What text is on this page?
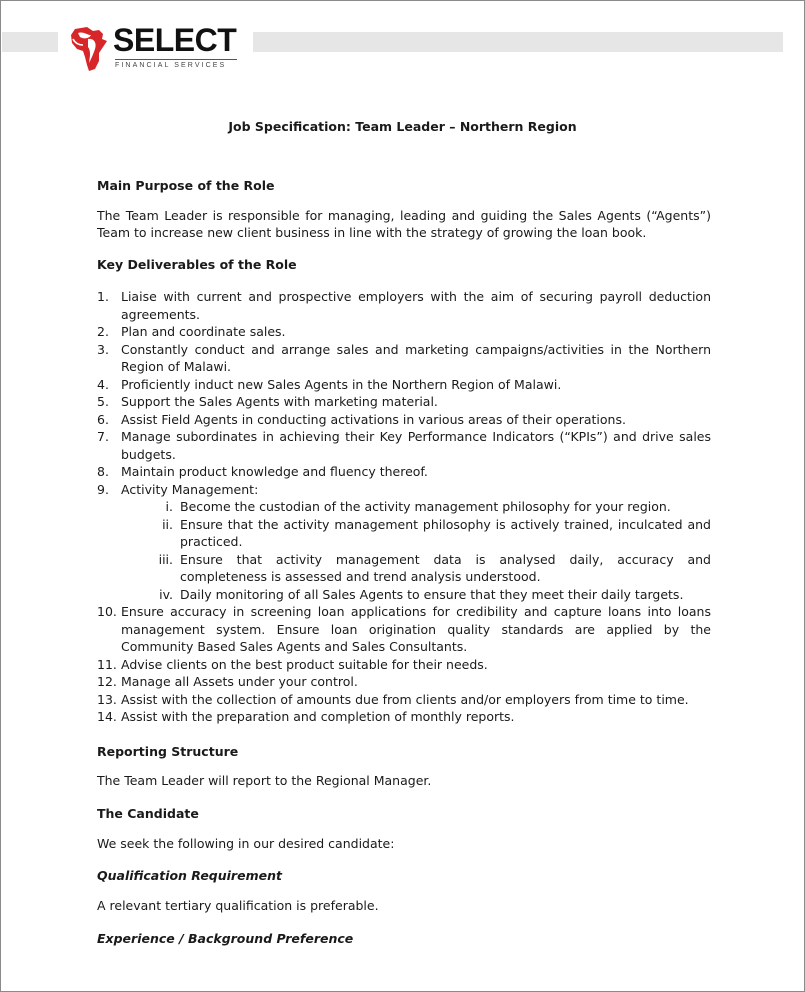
SELECT
FINANCIAL SERVICES
Job Specification: Team Leader – Northern Region

Main Purpose of the Role

The Team Leader is responsible for managing, leading and guiding the Sales Agents (“Agents”) Team to increase new client business in line with the strategy of growing the loan book.

Key Deliverables of the Role

1. Liaise with current and prospective employers with the aim of securing payroll deduction agreements.
2. Plan and coordinate sales.
3. Constantly conduct and arrange sales and marketing campaigns/activities in the Northern Region of Malawi.
4. Proficiently induct new Sales Agents in the Northern Region of Malawi.
5. Support the Sales Agents with marketing material.
6. Assist Field Agents in conducting activations in various areas of their operations.
7. Manage subordinates in achieving their Key Performance Indicators (“KPIs”) and drive sales budgets.
8. Maintain product knowledge and fluency thereof.
9. Activity Management:
i. Become the custodian of the activity management philosophy for your region.
ii. Ensure that the activity management philosophy is actively trained, inculcated and practiced.
iii. Ensure that activity management data is analysed daily, accuracy and completeness is assessed and trend analysis understood.
iv. Daily monitoring of all Sales Agents to ensure that they meet their daily targets.
10. Ensure accuracy in screening loan applications for credibility and capture loans into loans management system. Ensure loan origination quality standards are applied by the Community Based Sales Agents and Sales Consultants.
11. Advise clients on the best product suitable for their needs.
12. Manage all Assets under your control.
13. Assist with the collection of amounts due from clients and/or employers from time to time.
14. Assist with the preparation and completion of monthly reports.

Reporting Structure

The Team Leader will report to the Regional Manager.

The Candidate

We seek the following in our desired candidate:

Qualification Requirement

A relevant tertiary qualification is preferable.

Experience / Background Preference
